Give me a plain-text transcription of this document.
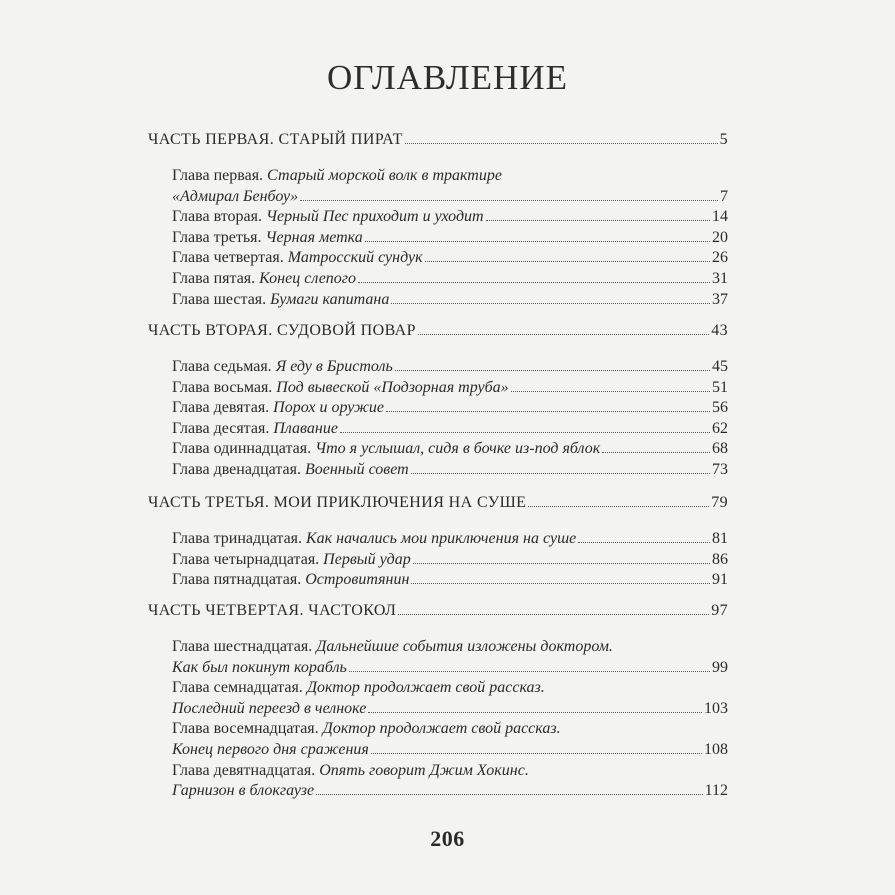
ОГЛАВЛЕНИЕ
ЧАСТЬ ПЕРВАЯ. СТАРЫЙ ПИРАТ	5
Глава первая. Старый морской волк в трактире
«Адмирал Бенбоу»	7
Глава вторая. Черный Пес приходит и уходит	14
Глава третья. Черная метка	20
Глава четвертая. Матросский сундук	26
Глава пятая. Конец слепого	31
Глава шестая. Бумаги капитана	37
ЧАСТЬ ВТОРАЯ. СУДОВОЙ ПОВАР	43
Глава седьмая. Я еду в Бристоль	45
Глава восьмая. Под вывеской «Подзорная труба»	51
Глава девятая. Порох и оружие	56
Глава десятая. Плавание	62
Глава одиннадцатая. Что я услышал, сидя в бочке из-под яблок	68
Глава двенадцатая. Военный совет	73
ЧАСТЬ ТРЕТЬЯ. МОИ ПРИКЛЮЧЕНИЯ НА СУШЕ	79
Глава тринадцатая. Как начались мои приключения на суше	81
Глава четырнадцатая. Первый удар	86
Глава пятнадцатая. Островитянин	91
ЧАСТЬ ЧЕТВЕРТАЯ. ЧАСТОКОЛ	97
Глава шестнадцатая. Дальнейшие события изложены доктором.
Как был покинут корабль	99
Глава семнадцатая. Доктор продолжает свой рассказ.
Последний переезд в челноке	103
Глава восемнадцатая. Доктор продолжает свой рассказ.
Конец первого дня сражения	108
Глава девятнадцатая. Опять говорит Джим Хокинс.
Гарнизон в блокгаузе	112
206
